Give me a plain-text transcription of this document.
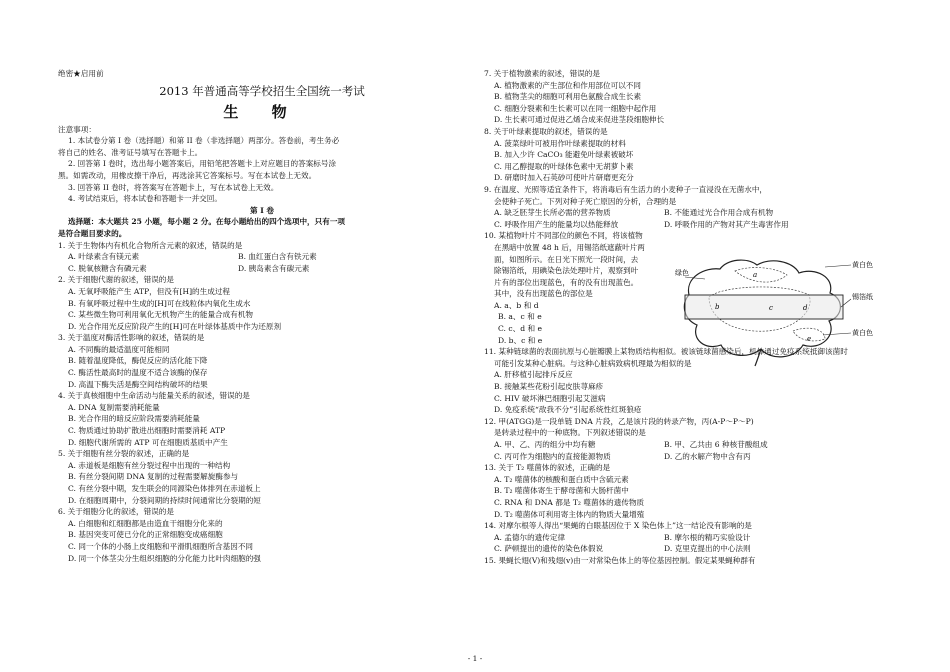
绝密★启用前
2013 年普通高等学校招生全国统一考试
生 物
注意事项：
1. 本试卷分第 I 卷（选择题）和第 II 卷（非选择题）两部分。答卷前，考生务必
将自己的姓名、准考证号填写在答题卡上。
2. 回答第 I 卷时，选出每小题答案后，用铅笔把答题卡上对应题目的答案标号涂
黑。如需改动，用橡皮擦干净后，再选涂其它答案标号。写在本试卷上无效。
3. 回答第 II 卷时，将答案写在答题卡上，写在本试卷上无效。
4. 考试结束后，将本试卷和答题卡一并交回。
第 I 卷
选择题：本大题共 25 小题，每小题 2 分。在每小题给出的四个选项中，只有一项
是符合题目要求的。
1. 关于生物体内有机化合物所含元素的叙述，错误的是
A. 叶绿素含有镁元素	B. 血红蛋白含有铁元素
C. 脱氧核糖含有磷元素	D. 胰岛素含有碳元素
2. 关于细胞代谢的叙述，错误的是
A. 无氧呼吸能产生 ATP，但没有[H]的生成过程
B. 有氧呼吸过程中生成的[H]可在线粒体内氧化生成水
C. 某些微生物可利用氧化无机物产生的能量合成有机物
D. 光合作用光反应阶段产生的[H]可在叶绿体基质中作为还原剂
3. 关于温度对酶活性影响的叙述，错误的是
A. 不同酶的最适温度可能相同
B. 随着温度降低，酶促反应的活化能下降
C. 酶活性最高时的温度不适合该酶的保存
D. 高温下酶失活是酶空间结构破坏的结果
4. 关于真核细胞中生命活动与能量关系的叙述，错误的是
A. DNA 复制需要消耗能量
B. 光合作用的暗反应阶段需要消耗能量
C. 物质通过协助扩散进出细胞时需要消耗 ATP
D. 细胞代谢所需的 ATP 可在细胞质基质中产生
5. 关于细胞有丝分裂的叙述，正确的是
A. 赤道板是细胞有丝分裂过程中出现的一种结构
B. 有丝分裂间期 DNA 复制的过程需要解旋酶参与
C. 有丝分裂中期，发生联会的同源染色体排列在赤道板上
D. 在细胞周期中，分裂间期的持续时间通常比分裂期的短
6. 关于细胞分化的叙述，错误的是
A. 白细胞和红细胞都是由造血干细胞分化来的
B. 基因突变可使已分化的正常细胞变成癌细胞
C. 同一个体的小肠上皮细胞和平滑肌细胞所含基因不同
D. 同一个体茎尖分生组织细胞的分化能力比叶肉细胞的强
7. 关于植物激素的叙述，错误的是
A. 植物激素的产生部位和作用部位可以不同
B. 植物茎尖的细胞可利用色氨酸合成生长素
C. 细胞分裂素和生长素可以在同一细胞中起作用
D. 生长素可通过促进乙烯合成来促进茎段细胞伸长
8. 关于叶绿素提取的叙述，错误的是
A. 菠菜绿叶可被用作叶绿素提取的材料
B. 加入少许 CaCO₃ 能避免叶绿素被破坏
C. 用乙醇提取的叶绿体色素中无胡萝卜素
D. 研磨时加入石英砂可使叶片研磨更充分
9. 在温度、光照等适宜条件下，将消毒后有生活力的小麦种子一直浸没在无菌水中，
会使种子死亡。下列对种子死亡原因的分析，合理的是
A. 缺乏胚芽生长所必需的营养物质	B. 不能通过光合作用合成有机物
C. 呼吸作用产生的能量均以热能释放	D. 呼吸作用的产物对其产生毒害作用
10. 某植物叶片不同部位的颜色不同，将该植物
在黑暗中放置 48 h 后，用锡箔纸遮蔽叶片两
面，如图所示。在日光下照光一段时间，去
除锡箔纸，用碘染色法处理叶片，观察到叶
片有的部位出现蓝色，有的没有出现蓝色。
其中，没有出现蓝色的部位是
A. a、b 和 d
B. a、c 和 e
C. c、d 和 e
D. b、c 和 e
11. 某种链球菌的表面抗原与心脏瓣膜上某物质结构相似。被该链球菌感染后，机体通过免疫系统抵御该菌时
可能引发某种心脏病。与这种心脏病致病机理最为相似的是
A. 肝移植引起排斥反应
B. 接触某些花粉引起皮肤荨麻疹
C. HIV 破坏淋巴细胞引起艾滋病
D. 免疫系统“敌我不分”引起系统性红斑狼疮
12. 甲(ATGG)是一段单链 DNA 片段，乙是该片段的转录产物，丙(A-P～P～P)
是转录过程中的一种底物。下列叙述错误的是
A. 甲、乙、丙的组分中均有糖	B. 甲、乙共由 6 种核苷酸组成
C. 丙可作为细胞内的直接能源物质	D. 乙的水解产物中含有丙
13. 关于 T₂ 噬菌体的叙述，正确的是
A. T₂ 噬菌体的核酸和蛋白质中含硫元素
B. T₂ 噬菌体寄生于酵母菌和大肠杆菌中
C. RNA 和 DNA 都是 T₂ 噬菌体的遗传物质
D. T₂ 噬菌体可利用寄主体内的物质大量增殖
14. 对摩尔根等人得出“果蝇的白眼基因位于 X 染色体上”这一结论没有影响的是
A. 孟德尔的遗传定律	B. 摩尔根的精巧实验设计
C. 萨顿提出的遗传的染色体假说	D. 克里克提出的中心法则
15. 果蝇长翅(V)和残翅(v)由一对常染色体上的等位基因控制。假定某果蝇种群有
绿色
黄白色
锡箔纸
黄白色
a
b	c	d
e
- 1 -
